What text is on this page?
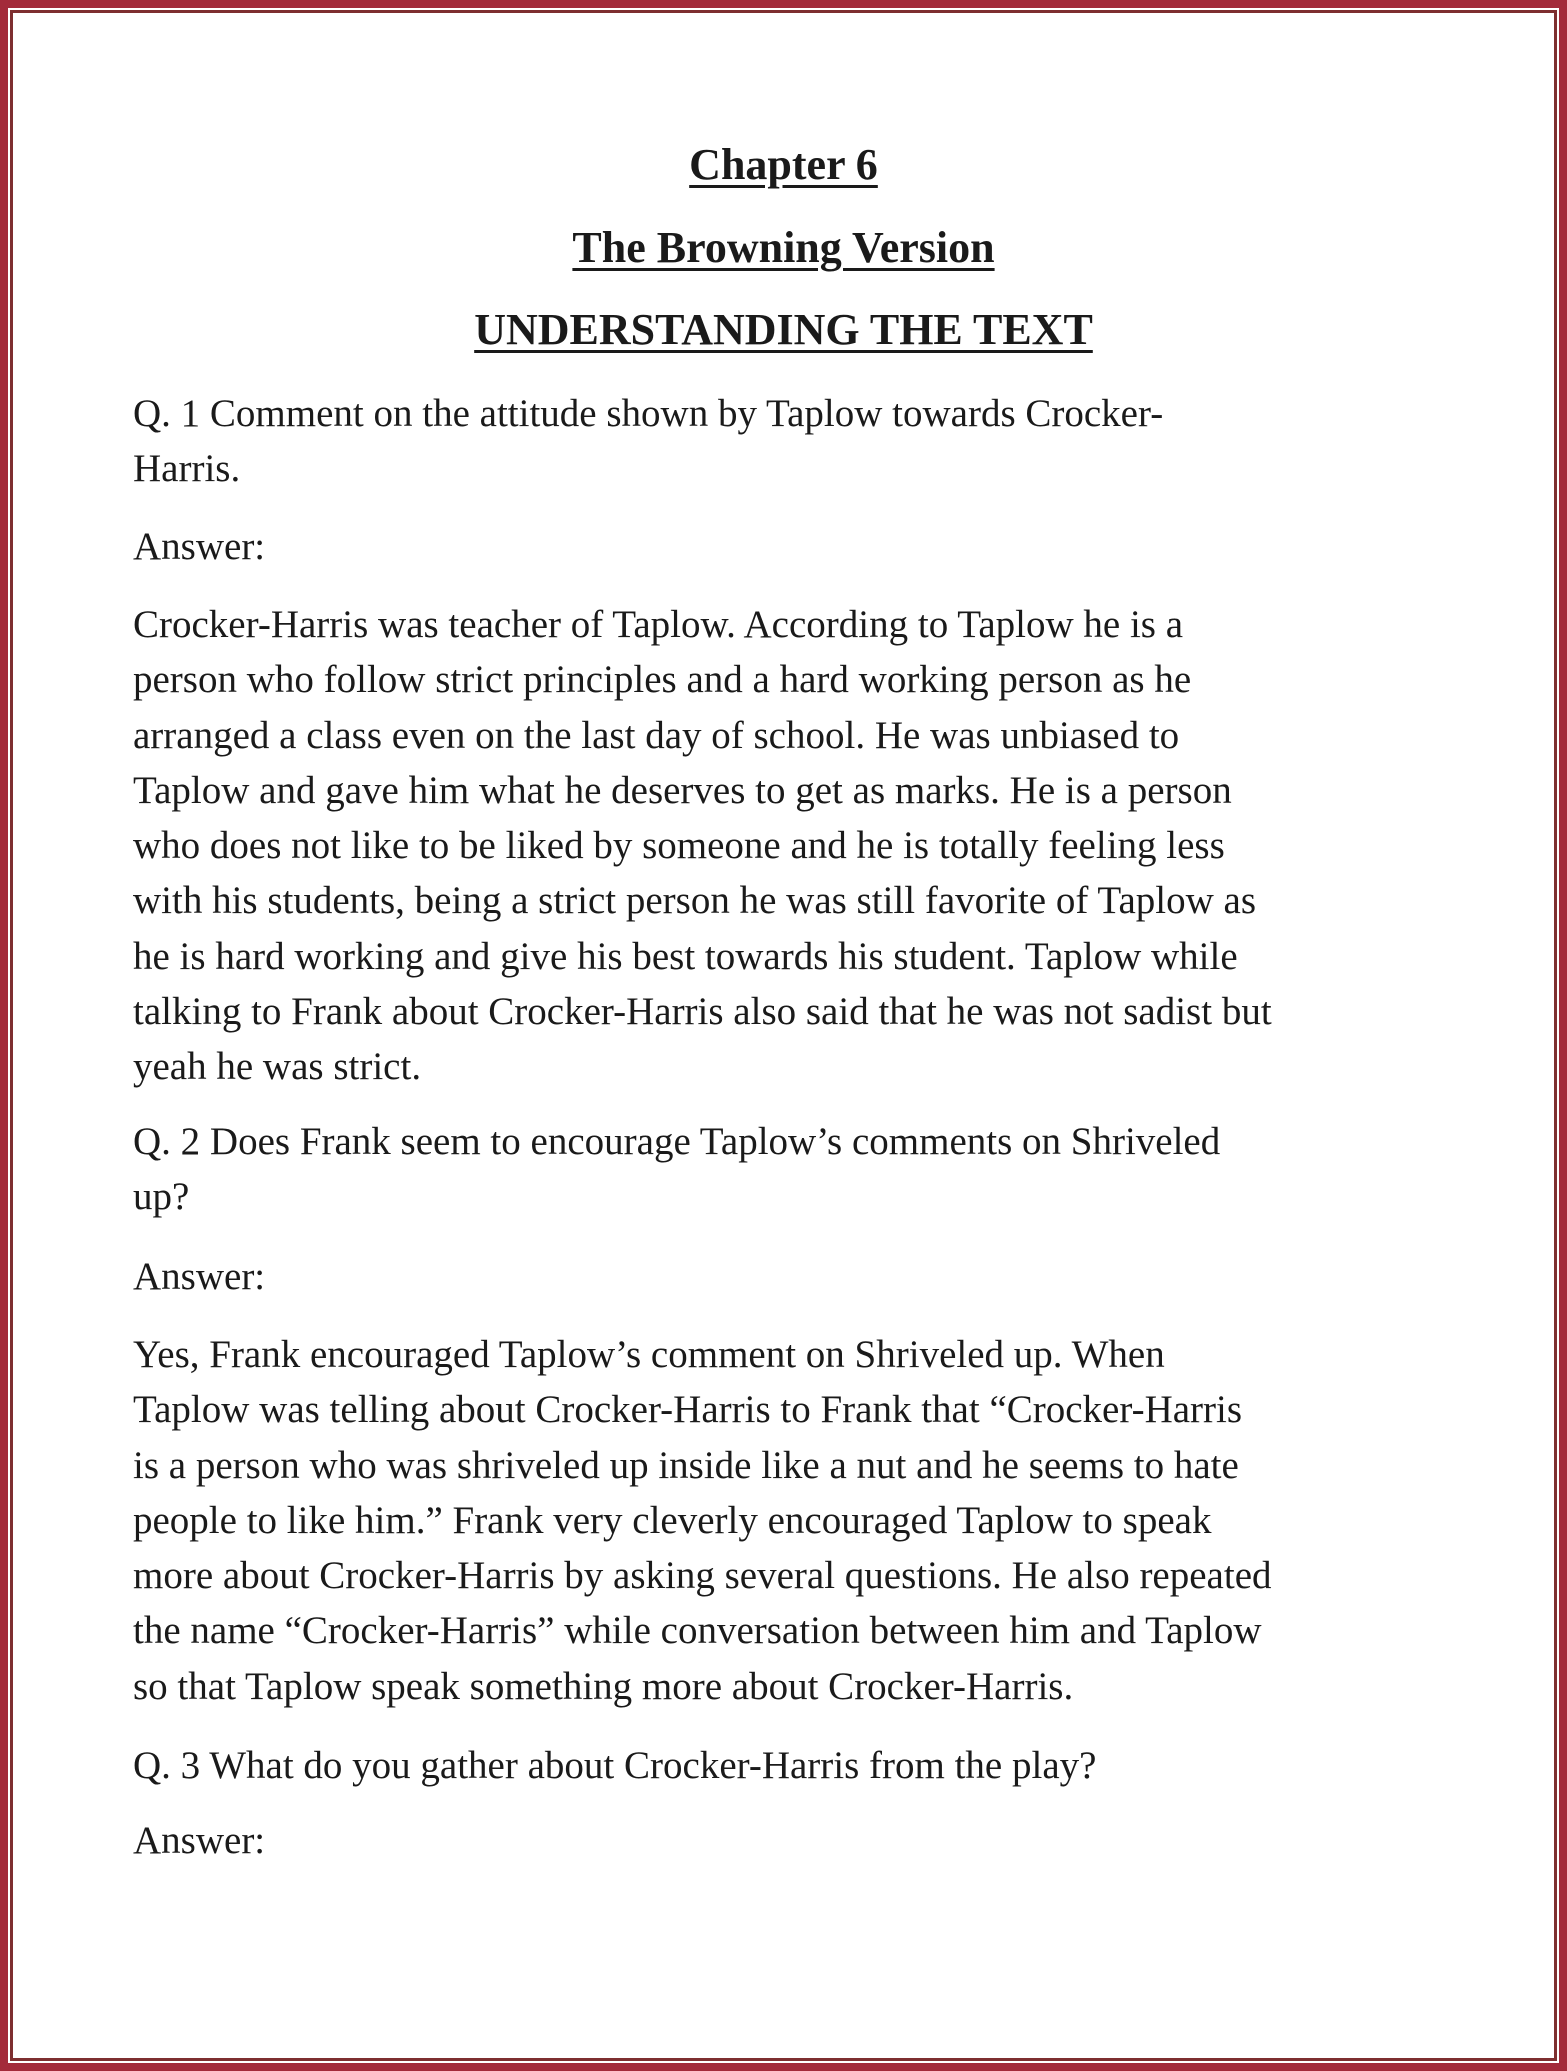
Chapter 6
The Browning Version
UNDERSTANDING THE TEXT
Q. 1 Comment on the attitude shown by Taplow towards Crocker-
Harris.
Answer:
Crocker-Harris was teacher of Taplow. According to Taplow he is a
person who follow strict principles and a hard working person as he
arranged a class even on the last day of school. He was unbiased to
Taplow and gave him what he deserves to get as marks. He is a person
who does not like to be liked by someone and he is totally feeling less
with his students, being a strict person he was still favorite of Taplow as
he is hard working and give his best towards his student. Taplow while
talking to Frank about Crocker-Harris also said that he was not sadist but
yeah he was strict.
Q. 2 Does Frank seem to encourage Taplow’s comments on Shriveled
up?
Answer:
Yes, Frank encouraged Taplow’s comment on Shriveled up. When
Taplow was telling about Crocker-Harris to Frank that “Crocker-Harris
is a person who was shriveled up inside like a nut and he seems to hate
people to like him.” Frank very cleverly encouraged Taplow to speak
more about Crocker-Harris by asking several questions. He also repeated
the name “Crocker-Harris” while conversation between him and Taplow
so that Taplow speak something more about Crocker-Harris.
Q. 3 What do you gather about Crocker-Harris from the play?
Answer:
